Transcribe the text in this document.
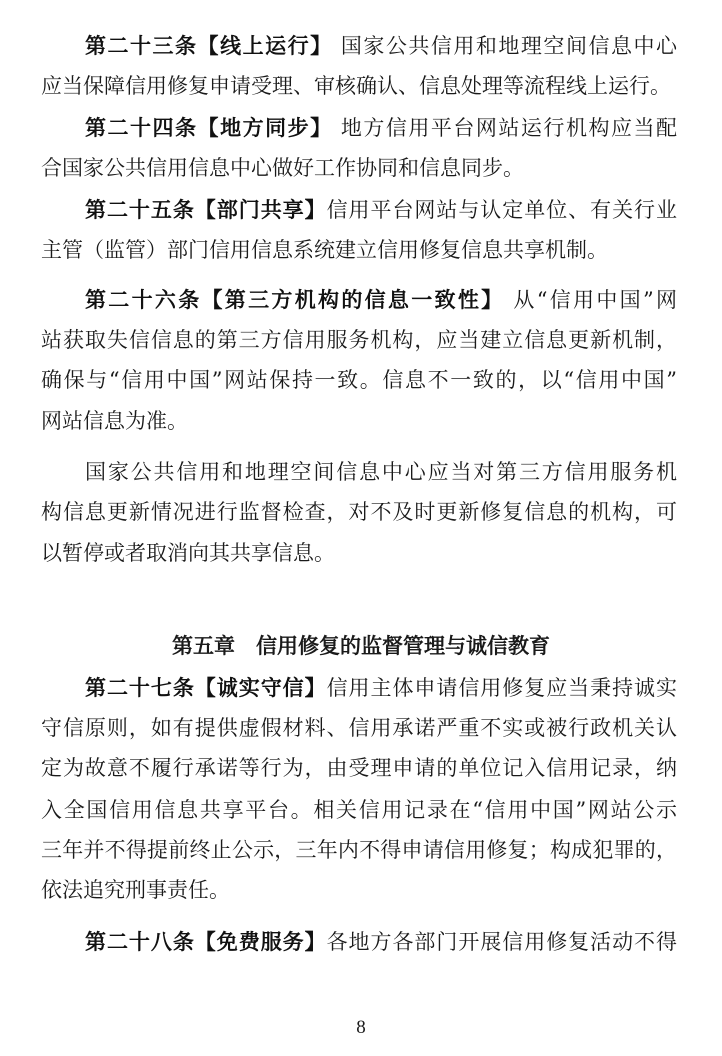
第二十三条【线上运行】 国家公共信用和地理空间信息中心
应当保障信用修复申请受理、审核确认、信息处理等流程线上运行。
第二十四条【地方同步】 地方信用平台网站运行机构应当配
合国家公共信用信息中心做好工作协同和信息同步。
第二十五条【部门共享】信用平台网站与认定单位、有关行业
主管（监管）部门信用信息系统建立信用修复信息共享机制。
第二十六条【第三方机构的信息一致性】 从“信用中国”网
站获取失信信息的第三方信用服务机构，应当建立信息更新机制，
确保与“信用中国”网站保持一致。信息不一致的，以“信用中国”
网站信息为准。
国家公共信用和地理空间信息中心应当对第三方信用服务机
构信息更新情况进行监督检查，对不及时更新修复信息的机构，可
以暂停或者取消向其共享信息。
第五章　信用修复的监督管理与诚信教育
第二十七条【诚实守信】信用主体申请信用修复应当秉持诚实
守信原则，如有提供虚假材料、信用承诺严重不实或被行政机关认
定为故意不履行承诺等行为，由受理申请的单位记入信用记录，纳
入全国信用信息共享平台。相关信用记录在“信用中国”网站公示
三年并不得提前终止公示，三年内不得申请信用修复；构成犯罪的，
依法追究刑事责任。
第二十八条【免费服务】各地方各部门开展信用修复活动不得
8
